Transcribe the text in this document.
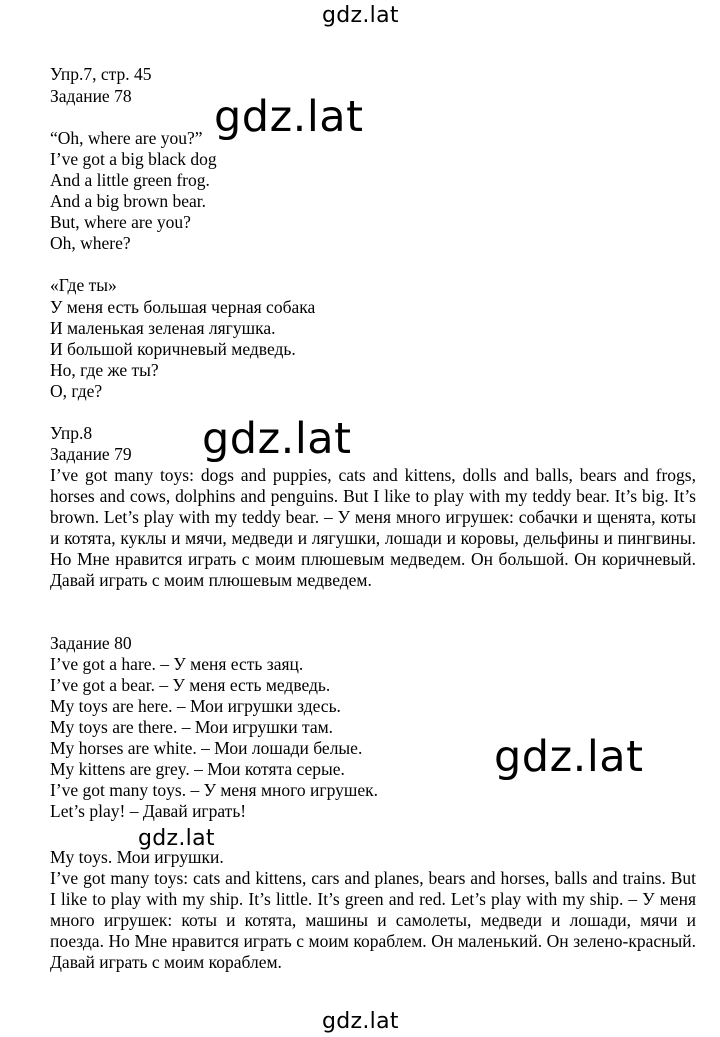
gdz.lat
gdz.lat
gdz.lat
gdz.lat
gdz.lat
gdz.lat
Упр.7, стр. 45
Задание 78
“Oh, where are you?”
I’ve got a big black dog
And a little green frog.
And a big brown bear.
But, where are you?
Oh, where?
«Где ты»
У меня есть большая черная собака
И маленькая зеленая лягушка.
И большой коричневый медведь.
Но, где же ты?
О, где?
Упр.8
Задание 79
I’ve got many toys: dogs and puppies, cats and kittens, dolls and balls, bears and frogs, horses and cows, dolphins and penguins. But I like to play with my teddy bear. It’s big. It’s brown. Let’s play with my teddy bear. – У меня много игрушек: собачки и щенята, коты и котята, куклы и мячи, медведи и лягушки, лошади и коровы, дельфины и пингвины. Но Мне нравится играть с моим плюшевым медведем. Он большой. Он коричневый. Давай играть с моим плюшевым медведем.
Задание 80
I’ve got a hare. – У меня есть заяц.
I’ve got a bear. – У меня есть медведь.
My toys are here. – Мои игрушки здесь.
My toys are there. – Мои игрушки там.
My horses are white. – Мои лошади белые.
My kittens are grey. – Мои котята серые.
I’ve got many toys. – У меня много игрушек.
Let’s play! – Давай играть!
My toys. Мои игрушки.
I’ve got many toys: cats and kittens, cars and planes, bears and horses, balls and trains. But I like to play with my ship. It’s little. It’s green and red. Let’s play with my ship. – У меня много игрушек: коты и котята, машины и самолеты, медведи и лошади, мячи и поезда. Но Мне нравится играть с моим кораблем. Он маленький. Он зелено-красный. Давай играть с моим кораблем.
